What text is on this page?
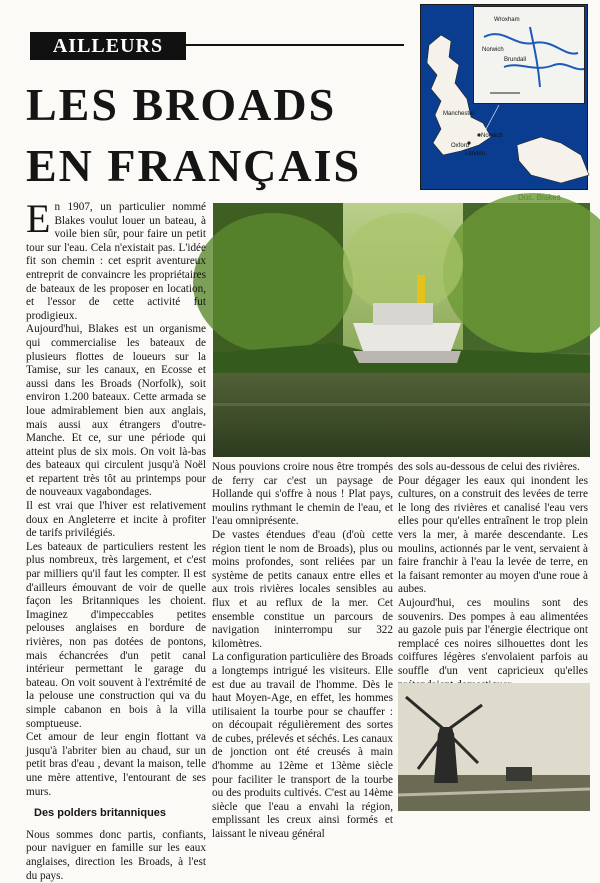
AILLEURS
LES BROADS
EN FRANÇAIS
Manchester
Norwich
Oxford
London
Wroxham
Norwich
Brundall

En 1907, un particulier nommé Blakes voulut louer un bateau, à voile bien sûr, pour faire un petit tour sur l'eau. Cela n'existait pas. L'idée fit son chemin : cet esprit aventureux entreprit de convaincre les propriétaires de bateaux de les proposer en location, et l'essor de cette activité fut prodigieux.

Aujourd'hui, Blakes est un organisme qui commercialise les bateaux de plusieurs flottes de loueurs sur la Tamise, sur les canaux, en Ecosse et aussi dans les Broads (Norfolk), soit environ 1.200 bateaux. Cette armada se loue admirablement bien aux anglais, mais aussi aux étrangers d'outre-Manche. Et ce, sur une période qui atteint plus de six mois. On voit là-bas des bateaux qui circulent jusqu'à Noël et repartent très tôt au printemps pour de nouveaux vagabondages.

Il est vrai que l'hiver est relativement doux en Angleterre et incite à profiter de tarifs privilégiés.

Les bateaux de particuliers restent les plus nombreux, très largement, et c'est par milliers qu'il faut les compter. Il est d'ailleurs émouvant de voir de quelle façon les Britanniques les choient. Imaginez d'impeccables petites pelouses anglaises en bordure de rivières, non pas dotées de pontons, mais échancrées d'un petit canal intérieur permettant le garage du bateau. On voit souvent à l'extrémité de la pelouse une construction qui va du simple cabanon en bois à la villa somptueuse.

Cet amour de leur engin flottant va jusqu'à l'abriter bien au chaud, sur un petit bras d'eau , devant la maison, telle une mère attentive, l'entourant de ses murs.

Des polders britanniques

Nous sommes donc partis, confiants, pour naviguer en famille sur les eaux anglaises, direction les Broads, à l'est du pays.

Nous pouvions croire nous être trompés de ferry car c'est un paysage de Hollande qui s'offre à nous ! Plat pays, moulins rythmant le chemin de l'eau, et l'eau omniprésente.

De vastes étendues d'eau (d'où cette région tient le nom de Broads), plus ou moins profondes, sont reliées par un système de petits canaux entre elles et aux trois rivières locales sensibles au flux et au reflux de la mer. Cet ensemble constitue un parcours de navigation ininterrompu sur 322 kilomètres.

La configuration particulière des Broads a longtemps intrigué les visiteurs. Elle est due au travail de l'homme. Dès le haut Moyen-Age, en effet, les hommes utilisaient la tourbe pour se chauffer : on découpait régulièrement des sortes de cubes, prélevés et séchés. Les canaux de jonction ont été creusés à main d'homme au 12ème et 13ème siècle pour faciliter le transport de la tourbe ou des produits cultivés. C'est au 14ème siècle que l'eau a envahi la région, emplissant les creux ainsi formés et laissant le niveau général

des sols au-dessous de celui des rivières.

Pour dégager les eaux qui inondent les cultures, on a construit des levées de terre le long des rivières et canalisé l'eau vers elles pour qu'elles entraînent le trop plein vers la mer, à marée descendante. Les moulins, actionnés par le vent, servaient à faire franchir à l'eau la levée de terre, en la faisant remonter au moyen d'une roue à aubes.

Aujourd'hui, ces moulins sont des souvenirs. Des pompes à eau alimentées au gazole puis par l'énergie électrique ont remplacé ces noires silhouettes dont les coiffures légères s'envolaient parfois au souffle d'un vent capricieux qu'elles
